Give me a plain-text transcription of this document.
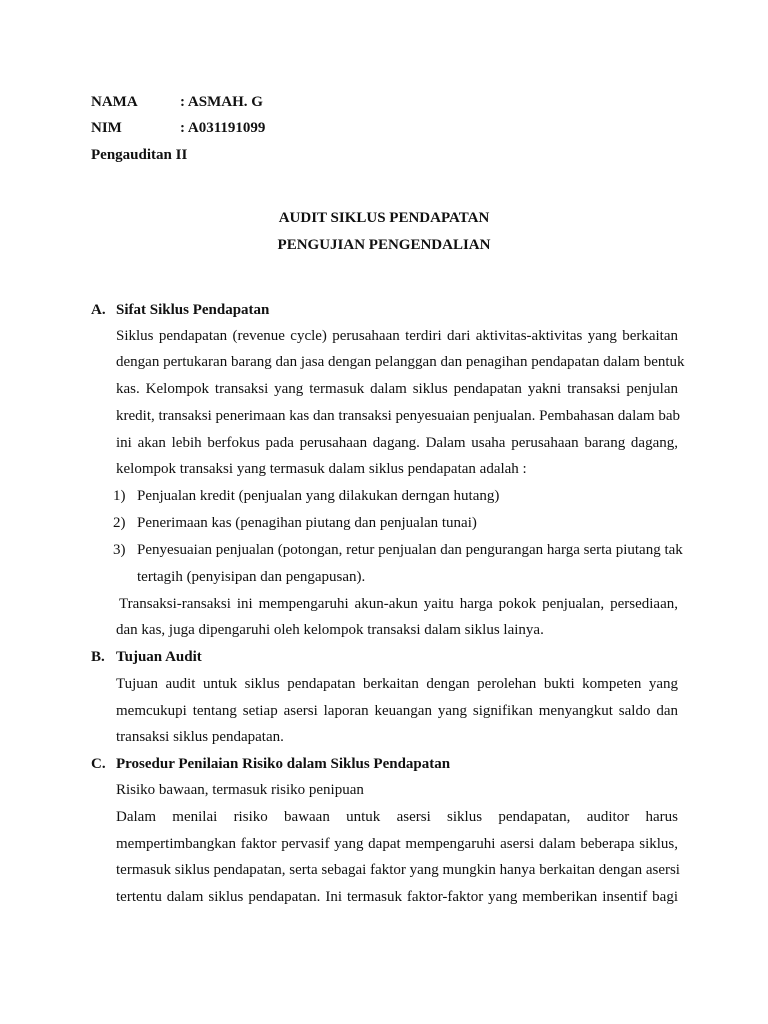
NAMA	: ASMAH. G
NIM	: A031191099
Pengauditan II
AUDIT SIKLUS PENDAPATAN
PENGUJIAN PENGENDALIAN
A. Sifat Siklus Pendapatan
Siklus pendapatan (revenue cycle) perusahaan terdiri dari aktivitas-aktivitas yang berkaitan
dengan pertukaran barang dan jasa dengan pelanggan dan penagihan pendapatan dalam bentuk
kas. Kelompok transaksi yang termasuk dalam siklus pendapatan yakni transaksi penjulan
kredit, transaksi penerimaan kas dan transaksi penyesuaian penjualan. Pembahasan dalam bab
ini akan lebih berfokus pada perusahaan dagang. Dalam usaha perusahaan barang dagang,
kelompok transaksi yang termasuk dalam siklus pendapatan adalah :
1) Penjualan kredit (penjualan yang dilakukan derngan hutang)
2) Penerimaan kas (penagihan piutang dan penjualan tunai)
3) Penyesuaian penjualan (potongan, retur penjualan dan pengurangan harga serta piutang tak
tertagih (penyisipan dan pengapusan).
Transaksi-ransaksi ini mempengaruhi akun-akun yaitu harga pokok penjualan, persediaan,
dan kas, juga dipengaruhi oleh kelompok transaksi dalam siklus lainya.
B. Tujuan Audit
Tujuan audit untuk siklus pendapatan berkaitan dengan perolehan bukti kompeten yang
memcukupi tentang setiap asersi laporan keuangan yang signifikan menyangkut saldo dan
transaksi siklus pendapatan.
C. Prosedur Penilaian Risiko dalam Siklus Pendapatan
Risiko bawaan, termasuk risiko penipuan
Dalam menilai risiko bawaan untuk asersi siklus pendapatan, auditor harus
mempertimbangkan faktor pervasif yang dapat mempengaruhi asersi dalam beberapa siklus,
termasuk siklus pendapatan, serta sebagai faktor yang mungkin hanya berkaitan dengan asersi
tertentu dalam siklus pendapatan. Ini termasuk faktor-faktor yang memberikan insentif bagi
